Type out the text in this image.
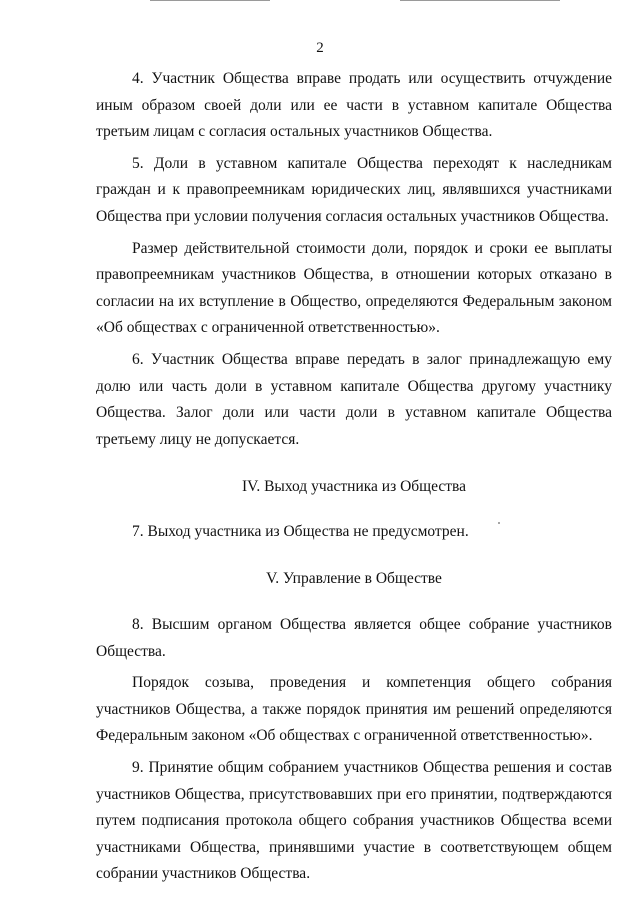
2

4. Участник Общества вправе продать или осуществить отчуждение иным образом своей доли или ее части в уставном капитале Общества третьим лицам с согласия остальных участников Общества.

5. Доли в уставном капитале Общества переходят к наследникам граждан и к правопреемникам юридических лиц, являвшихся участниками Общества при условии получения согласия остальных участников Общества.

Размер действительной стоимости доли, порядок и сроки ее выплаты правопреемникам участников Общества, в отношении которых отказано в согласии на их вступление в Общество, определяются Федеральным законом «Об обществах с ограниченной ответственностью».

6. Участник Общества вправе передать в залог принадлежащую ему долю или часть доли в уставном капитале Общества другому участнику Общества. Залог доли или части доли в уставном капитале Общества третьему лицу не допускается.

IV. Выход участника из Общества

7. Выход участника из Общества не предусмотрен.

V. Управление в Обществе

8. Высшим органом Общества является общее собрание участников Общества.

Порядок созыва, проведения и компетенция общего собрания участников Общества, а также порядок принятия им решений определяются Федеральным законом «Об обществах с ограниченной ответственностью».

9. Принятие общим собранием участников Общества решения и состав участников Общества, присутствовавших при его принятии, подтверждаются путем подписания протокола общего собрания участников Общества всеми участниками Общества, принявшими участие в соответствующем общем собрании участников Общества.
